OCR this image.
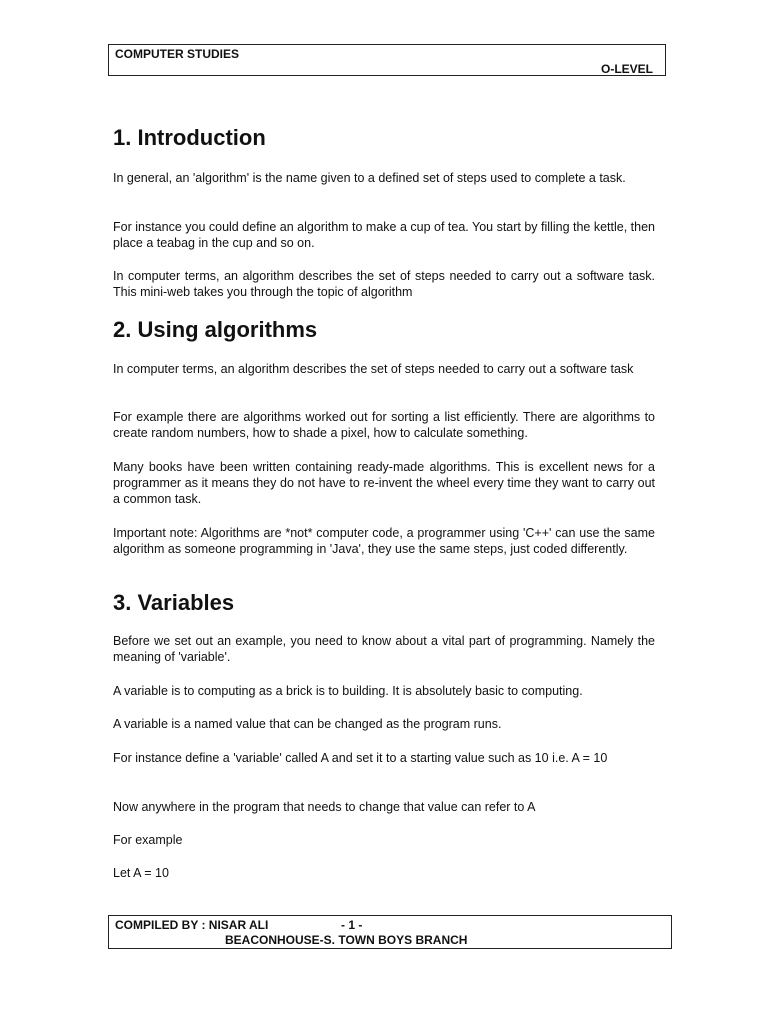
COMPUTER STUDIES
O-LEVEL
1. Introduction

In general, an 'algorithm' is the name given to a defined set of steps used to complete a task.

For instance you could define an algorithm to make a cup of tea. You start by filling the kettle, then place a teabag in the cup and so on.

In computer terms, an algorithm describes the set of steps needed to carry out a software task. This mini-web takes you through the topic of algorithm

2. Using algorithms

In computer terms, an algorithm describes the set of steps needed to carry out a software task

For example there are algorithms worked out for sorting a list efficiently. There are algorithms to create random numbers, how to shade a pixel, how to calculate something.

Many books have been written containing ready-made algorithms. This is excellent news for a programmer as it means they do not have to re-invent the wheel every time they want to carry out a common task.

Important note: Algorithms are *not* computer code, a programmer using 'C++' can use the same algorithm as someone programming in 'Java', they use the same steps, just coded differently.

3. Variables

Before we set out an example, you need to know about a vital part of programming. Namely the meaning of 'variable'.

A variable is to computing as a brick is to building. It is absolutely basic to computing.

A variable is a named value that can be changed as the program runs.

For instance define a 'variable' called A and set it to a starting value such as 10 i.e. A = 10

Now anywhere in the program that needs to change that value can refer to A

For example

Let A = 10

COMPILED BY : NISAR ALI	- 1 -
BEACONHOUSE-S. TOWN BOYS BRANCH
